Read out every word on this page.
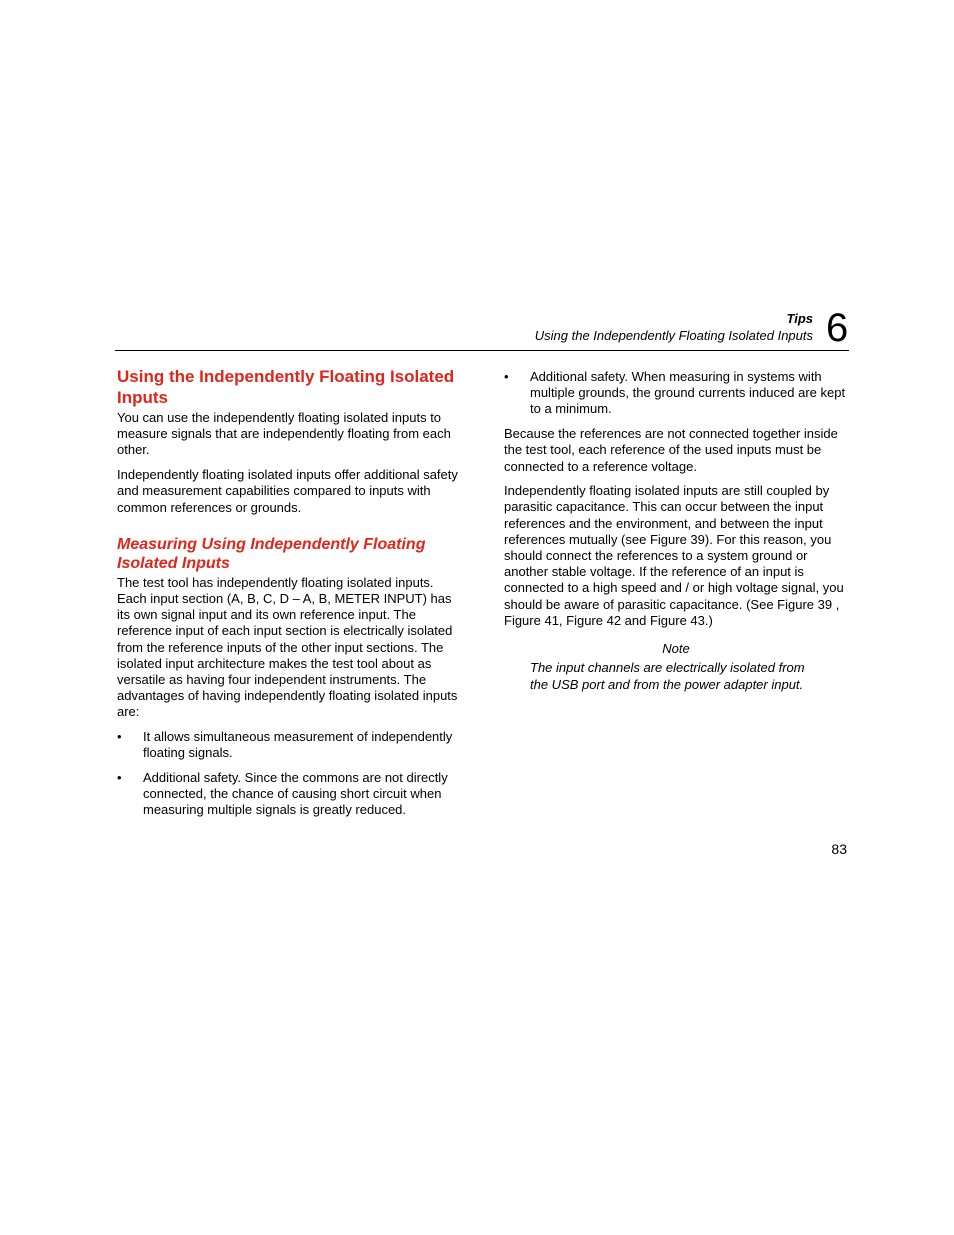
Tips
Using the Independently Floating Isolated Inputs 6
Using the Independently Floating Isolated Inputs

You can use the independently floating isolated inputs to measure signals that are independently floating from each other.

Independently floating isolated inputs offer additional safety and measurement capabilities compared to inputs with common references or grounds.

Measuring Using Independently Floating Isolated Inputs

The test tool has independently floating isolated inputs. Each input section (A, B, C, D – A, B, METER INPUT) has its own signal input and its own reference input. The reference input of each input section is electrically isolated from the reference inputs of the other input sections. The isolated input architecture makes the test tool about as versatile as having four independent instruments. The advantages of having independently floating isolated inputs are:

• It allows simultaneous measurement of independently floating signals.
• Additional safety. Since the commons are not directly connected, the chance of causing short circuit when measuring multiple signals is greatly reduced.
• Additional safety. When measuring in systems with multiple grounds, the ground currents induced are kept to a minimum.

Because the references are not connected together inside the test tool, each reference of the used inputs must be connected to a reference voltage.

Independently floating isolated inputs are still coupled by parasitic capacitance. This can occur between the input references and the environment, and between the input references mutually (see Figure 39). For this reason, you should connect the references to a system ground or another stable voltage. If the reference of an input is connected to a high speed and / or high voltage signal, you should be aware of parasitic capacitance. (See Figure 39 , Figure 41, Figure 42 and Figure 43.)

Note
The input channels are electrically isolated from the USB port and from the power adapter input.
83
